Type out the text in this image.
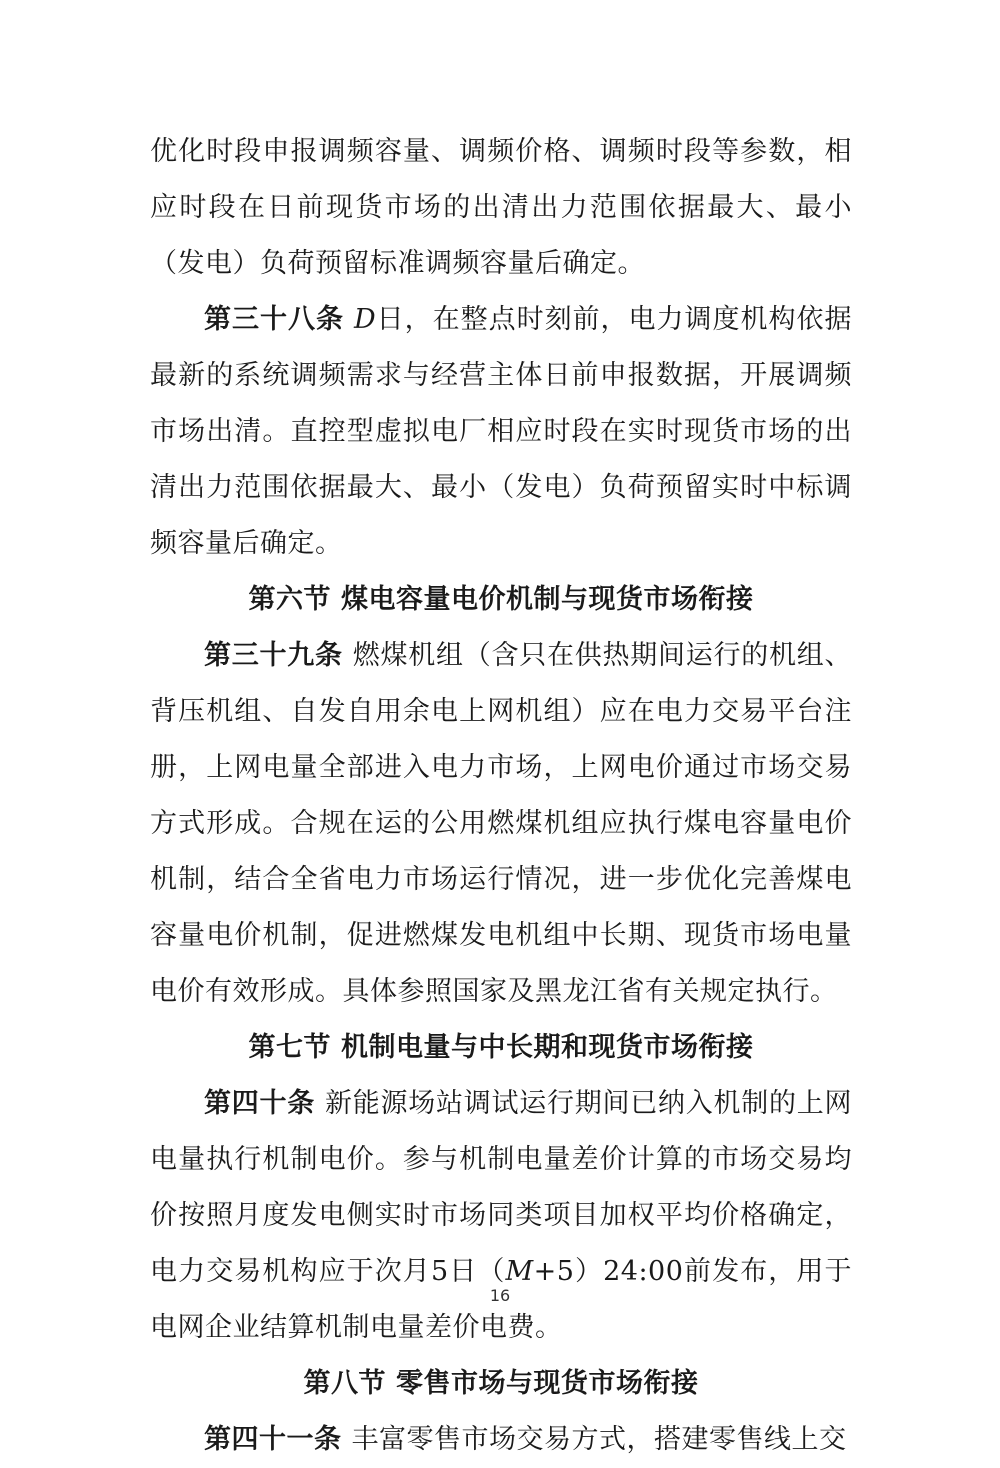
优化时段申报调频容量、调频价格、调频时段等参数，相应时段在日前现货市场的出清出力范围依据最大、最小（发电）负荷预留标准调频容量后确定。

第三十八条 D日，在整点时刻前，电力调度机构依据最新的系统调频需求与经营主体日前申报数据，开展调频市场出清。直控型虚拟电厂相应时段在实时现货市场的出清出力范围依据最大、最小（发电）负荷预留实时中标调频容量后确定。

第六节 煤电容量电价机制与现货市场衔接

第三十九条 燃煤机组（含只在供热期间运行的机组、背压机组、自发自用余电上网机组）应在电力交易平台注册，上网电量全部进入电力市场，上网电价通过市场交易方式形成。合规在运的公用燃煤机组应执行煤电容量电价机制，结合全省电力市场运行情况，进一步优化完善煤电容量电价机制，促进燃煤发电机组中长期、现货市场电量电价有效形成。具体参照国家及黑龙江省有关规定执行。

第七节 机制电量与中长期和现货市场衔接

第四十条 新能源场站调试运行期间已纳入机制的上网电量执行机制电价。参与机制电量差价计算的市场交易均价按照月度发电侧实时市场同类项目加权平均价格确定，电力交易机构应于次月5日（M+5）24:00前发布，用于电网企业结算机制电量差价电费。

第八节 零售市场与现货市场衔接

第四十一条 丰富零售市场交易方式，搭建零售线上交

16
